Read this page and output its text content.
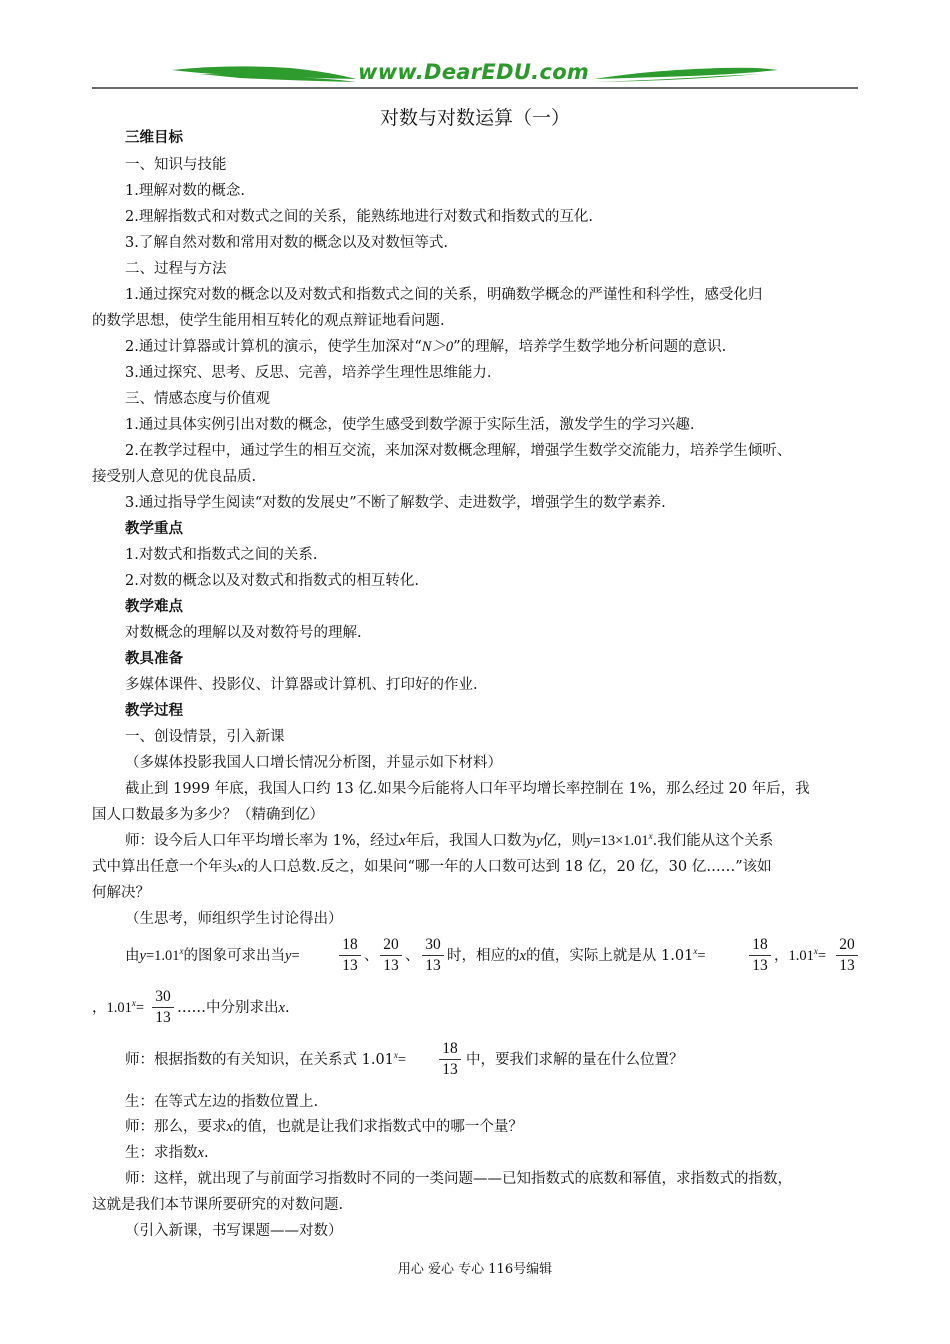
www.DearEDU.com
对数与对数运算（一）
三维目标
一、知识与技能
1.理解对数的概念.
2.理解指数式和对数式之间的关系，能熟练地进行对数式和指数式的互化.
3.了解自然对数和常用对数的概念以及对数恒等式.
二、过程与方法
1.通过探究对数的概念以及对数式和指数式之间的关系，明确数学概念的严谨性和科学性，感受化归
的数学思想，使学生能用相互转化的观点辩证地看问题.
2.通过计算器或计算机的演示，使学生加深对“N＞0”的理解，培养学生数学地分析问题的意识.
3.通过探究、思考、反思、完善，培养学生理性思维能力.
三、情感态度与价值观
1.通过具体实例引出对数的概念，使学生感受到数学源于实际生活，激发学生的学习兴趣.
2.在教学过程中，通过学生的相互交流，来加深对数概念理解，增强学生数学交流能力，培养学生倾听、
接受别人意见的优良品质.
3.通过指导学生阅读“对数的发展史”不断了解数学、走进数学，增强学生的数学素养.
教学重点
1.对数式和指数式之间的关系.
2.对数的概念以及对数式和指数式的相互转化.
教学难点
对数概念的理解以及对数符号的理解.
教具准备
多媒体课件、投影仪、计算器或计算机、打印好的作业.
教学过程
一、创设情景，引入新课
（多媒体投影我国人口增长情况分析图，并显示如下材料）
截止到 1999 年底，我国人口约 13 亿.如果今后能将人口年平均增长率控制在 1%，那么经过 20 年后，我
国人口数最多为多少？（精确到亿）
师：设今后人口年平均增长率为 1%，经过x年后，我国人口数为y亿，则$y=13\times 1.01^x$.我们能从这个关系
式中算出任意一个年头x的人口总数.反之，如果问“哪一年的人口数可达到 18 亿，20 亿，30 亿……”该如
何解决？
（生思考，师组织学生讨论得出）
由$y=1.01^x$的图象可求出当y=
18
13
、
20
13
、
30
13
时，相应的x的值，实际上就是从 $1.01^x=$
18
13
，$1.01^x=$
20
13
，$1.01^x=$
30
13
……中分别求出x.
师：根据指数的有关知识，在关系式 $1.01^x=$
18
13
中，要我们求解的量在什么位置？
生：在等式左边的指数位置上.
师：那么，要求x的值，也就是让我们求指数式中的哪一个量？
生：求指数x.
师：这样，就出现了与前面学习指数时不同的一类问题——已知指数式的底数和幂值，求指数式的指数，
这就是我们本节课所要研究的对数问题.
（引入新课，书写课题——对数）
用心 爱心 专心 116号编辑
